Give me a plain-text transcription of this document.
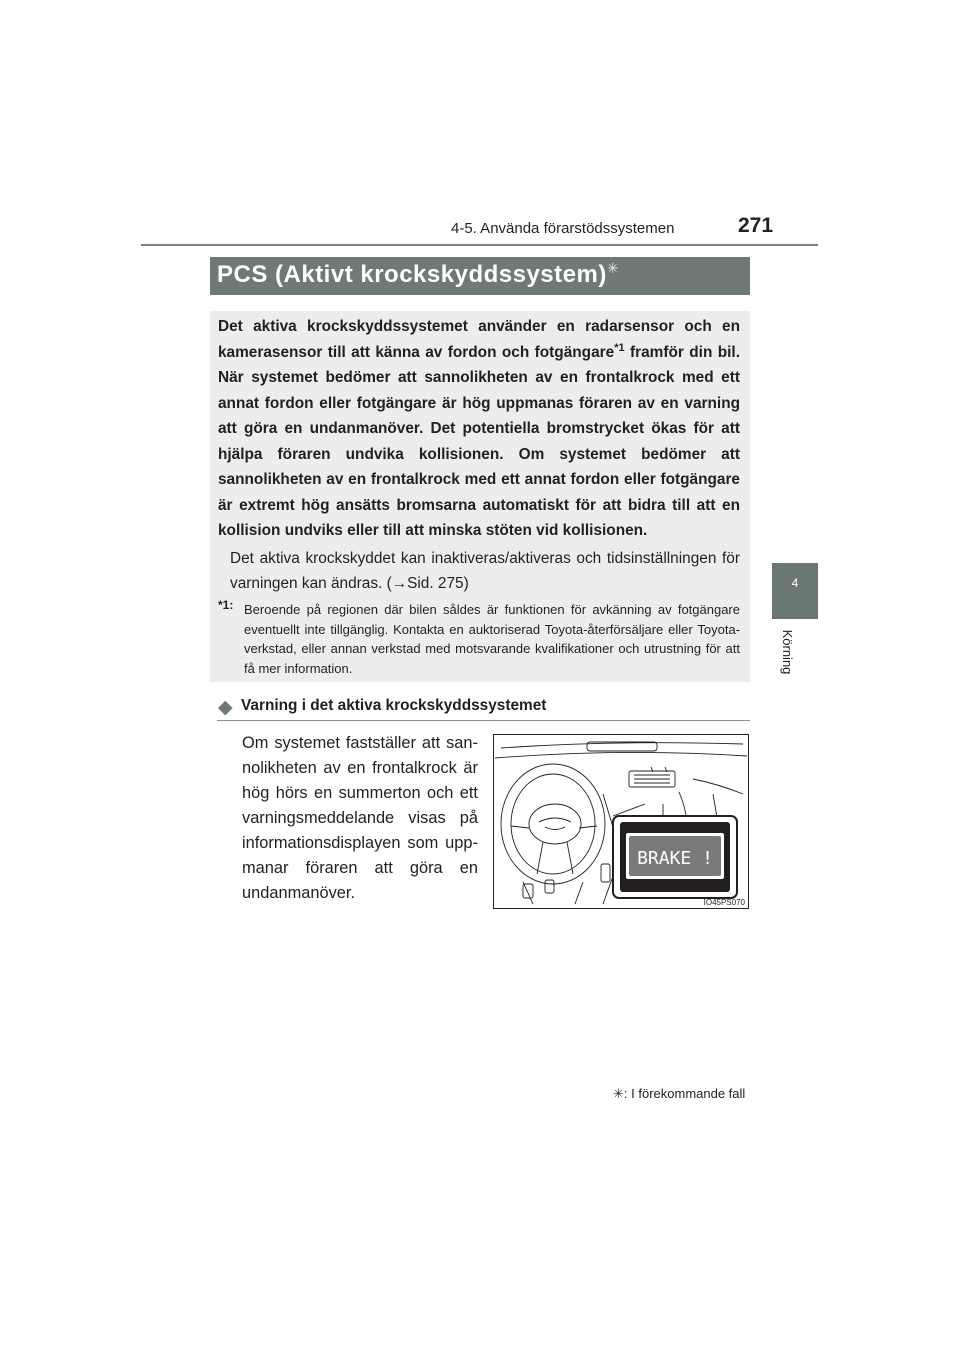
4-5. Använda förarstödssystemen	271
4
Körning
PCS (Aktivt krockskyddssystem)✳
Det aktiva krockskyddssystemet använder en radarsensor och en kamerasensor till att känna av fordon och fotgängare$^{*1}$ framför din bil. När systemet bedömer att sannolikheten av en frontalkrock med ett annat fordon eller fotgängare är hög uppmanas föraren av en varning att göra en undanmanöver. Det potentiella bromstrycket ökas för att hjälpa föraren undvika kollisionen. Om systemet bedömer att sannolikheten av en frontalkrock med ett annat fordon eller fotgängare är extremt hög ansätts bromsarna automatiskt för att bidra till att en kollision undviks eller till att minska stöten vid kollisionen.
Det aktiva krockskyddet kan inaktiveras/aktiveras och tidsinställningen för varningen kan ändras. (→Sid. 275)
*1: Beroende på regionen där bilen såldes är funktionen för avkänning av fotgängare eventuellt inte tillgänglig. Kontakta en auktoriserad Toyota-återförsäljare eller Toyota-verkstad, eller annan verkstad med motsvarande kvalifikationer och utrustning för att få mer information.
◆ Varning i det aktiva krockskyddssystemet
Om systemet fastställer att sannolikheten av en frontalkrock är hög hörs en summerton och ett varningsmeddelande visas på informationsdisplayen som uppmanar föraren att göra en undanmanöver.
BRAKE !
IO45PS070
✳: I förekommande fall
